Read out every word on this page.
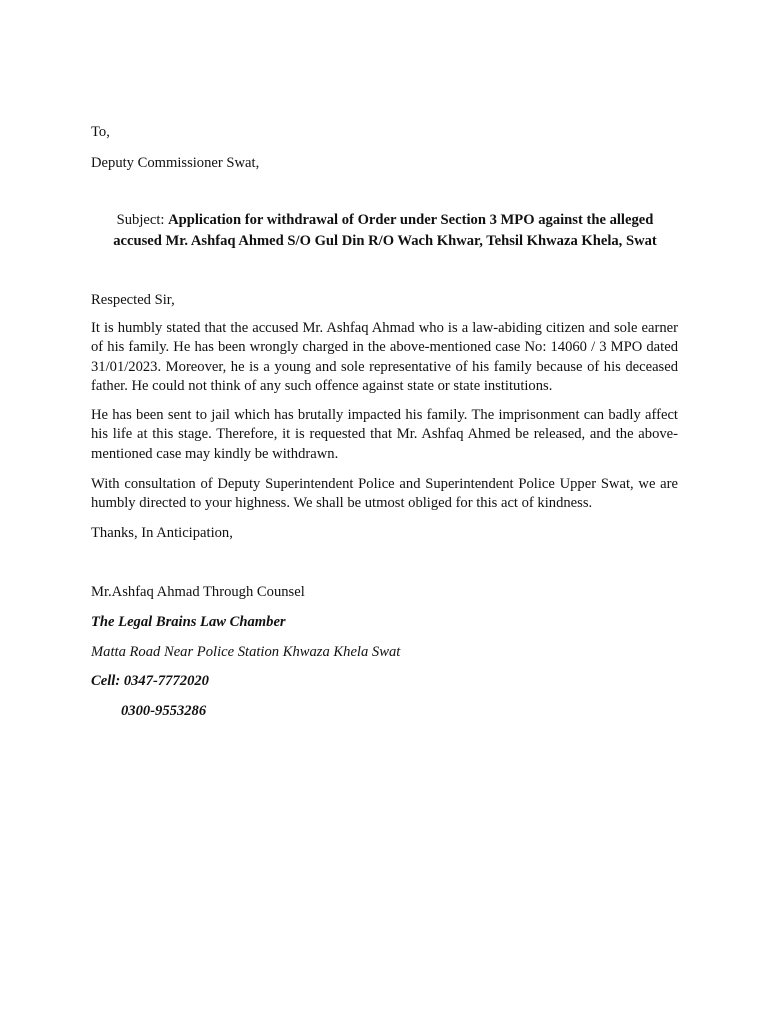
To,
Deputy Commissioner Swat,
Subject: Application for withdrawal of Order under Section 3 MPO against the alleged accused Mr. Ashfaq Ahmed S/O Gul Din R/O Wach Khwar, Tehsil Khwaza Khela, Swat
Respected Sir,

It is humbly stated that the accused Mr. Ashfaq Ahmad who is a law-abiding citizen and sole earner of his family. He has been wrongly charged in the above-mentioned case No: 14060 / 3 MPO dated 31/01/2023. Moreover, he is a young and sole representative of his family because of his deceased father. He could not think of any such offence against state or state institutions.

He has been sent to jail which has brutally impacted his family. The imprisonment can badly affect his life at this stage. Therefore, it is requested that Mr. Ashfaq Ahmed be released, and the above-mentioned case may kindly be withdrawn.

With consultation of Deputy Superintendent Police and Superintendent Police Upper Swat, we are humbly directed to your highness. We shall be utmost obliged for this act of kindness.

Thanks, In Anticipation,
Mr.Ashfaq Ahmad Through Counsel
The Legal Brains Law Chamber
Matta Road Near Police Station Khwaza Khela Swat
Cell: 0347-7772020
0300-9553286
